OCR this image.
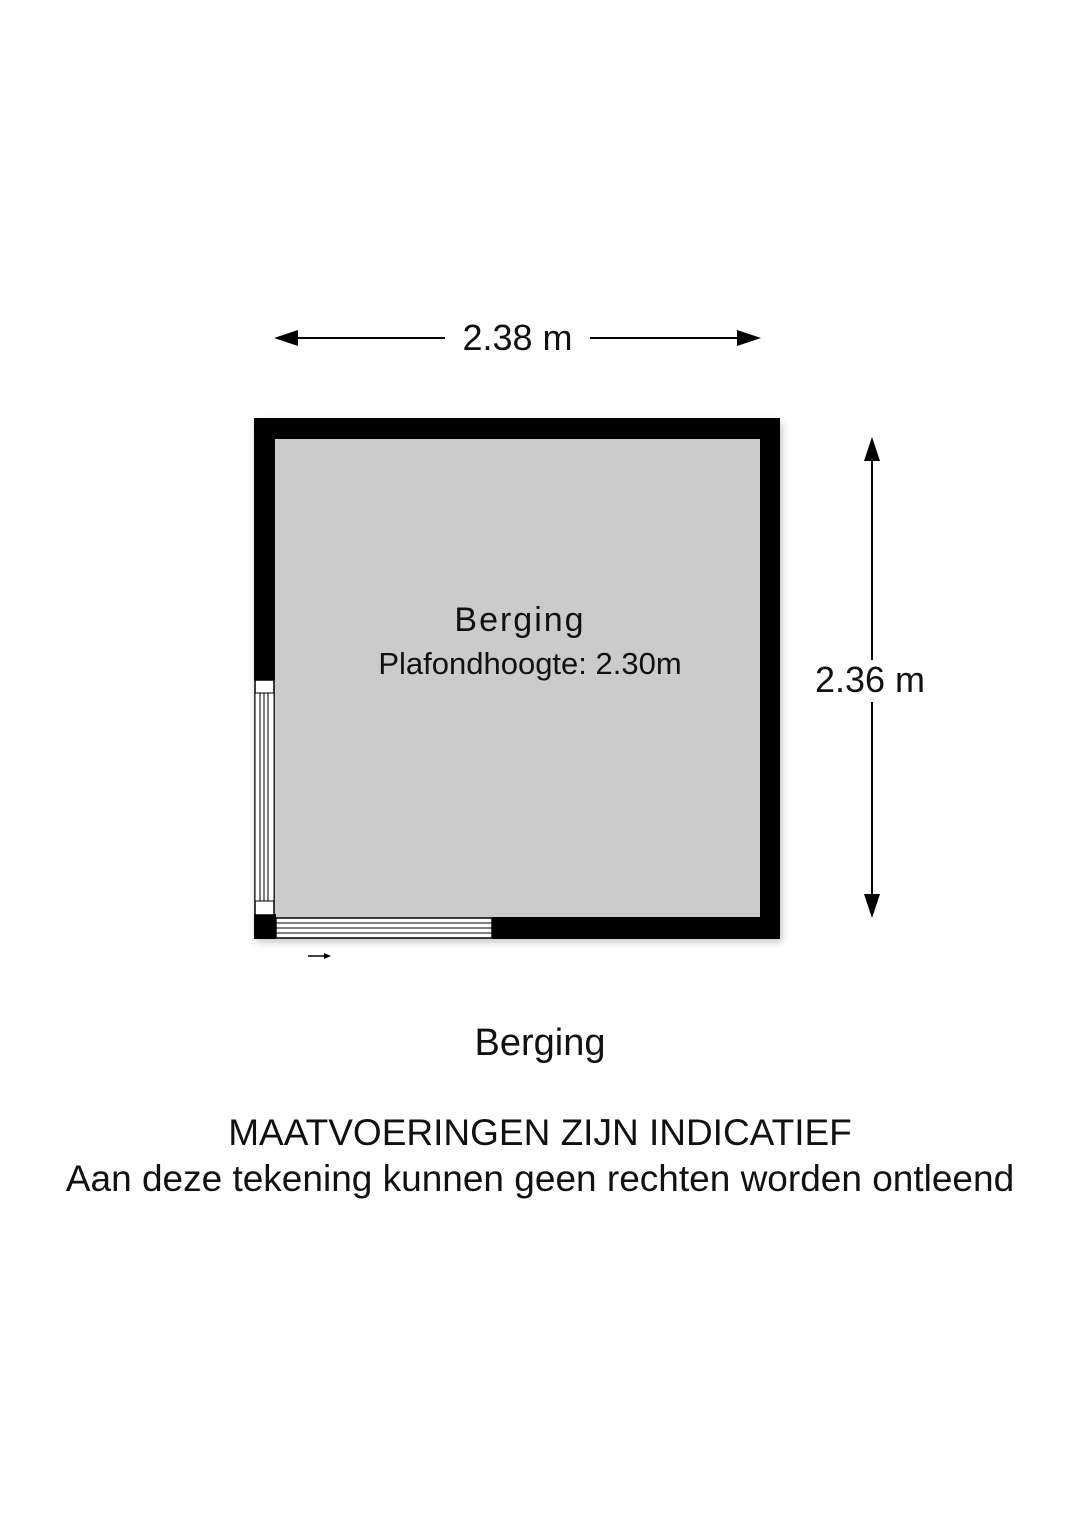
2.38 m
2.36 m
Berging
Plafondhoogte: 2.30m
Berging
MAATVOERINGEN ZIJN INDICATIEF
Aan deze tekening kunnen geen rechten worden ontleend
